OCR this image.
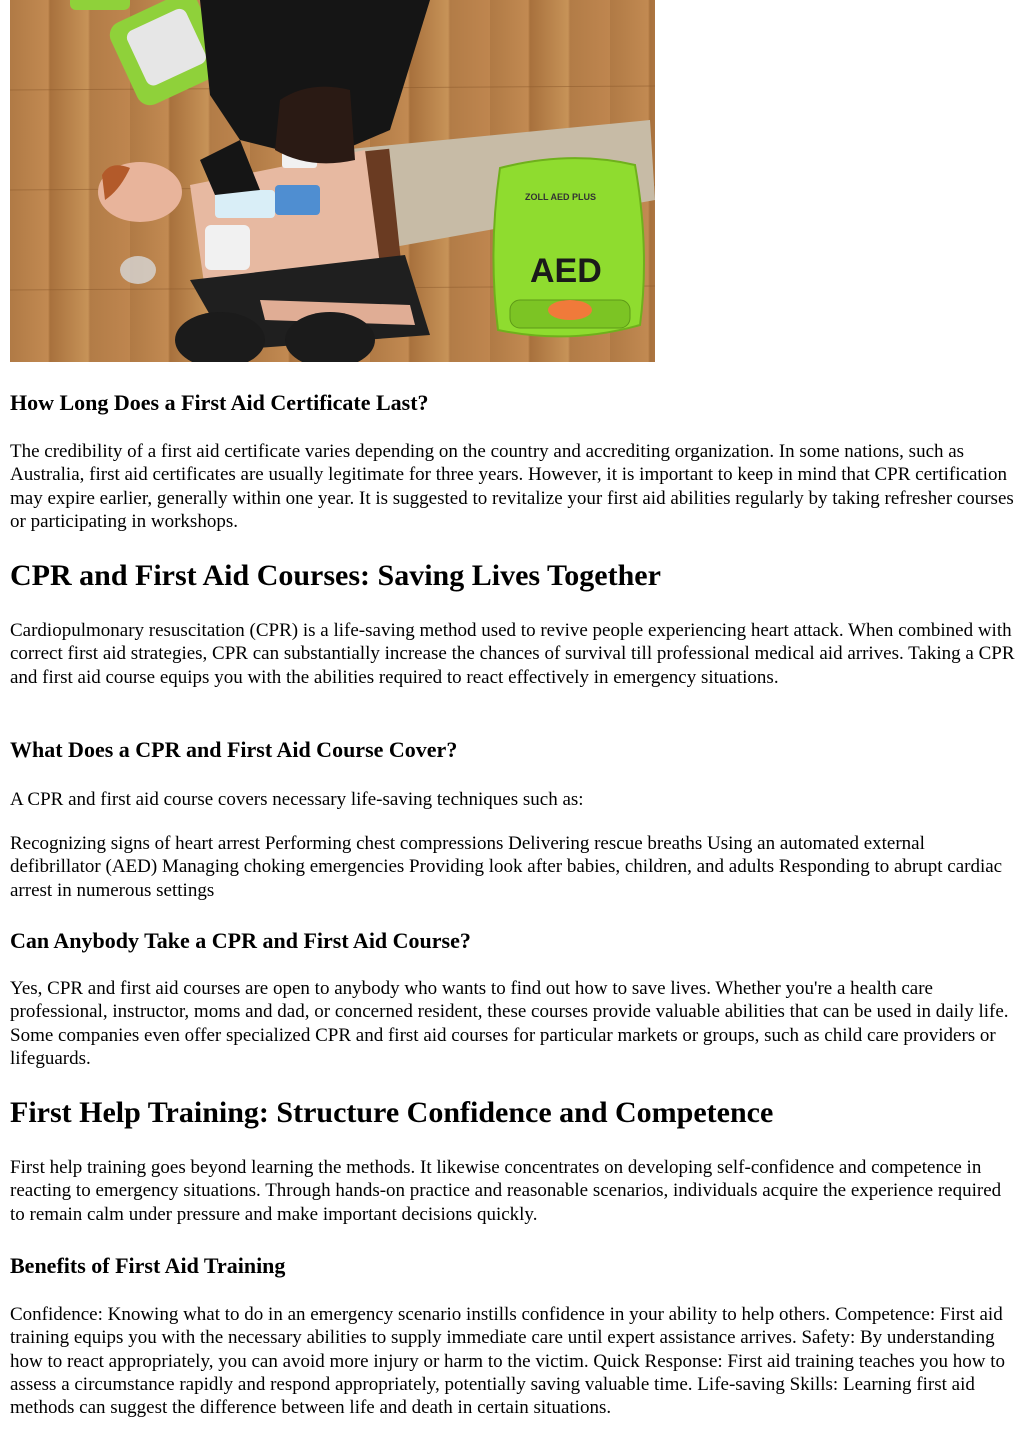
ZOLL AED PLUS
AED
How Long Does a First Aid Certificate Last?

The credibility of a first aid certificate varies depending on the country and accrediting organization. In some nations, such as Australia, first aid certificates are usually legitimate for three years. However, it is important to keep in mind that CPR certification may expire earlier, generally within one year. It is suggested to revitalize your first aid abilities regularly by taking refresher courses or participating in workshops.

CPR and First Aid Courses: Saving Lives Together

Cardiopulmonary resuscitation (CPR) is a life-saving method used to revive people experiencing heart attack. When combined with correct first aid strategies, CPR can substantially increase the chances of survival till professional medical aid arrives. Taking a CPR and first aid course equips you with the abilities required to react effectively in emergency situations.

What Does a CPR and First Aid Course Cover?

A CPR and first aid course covers necessary life-saving techniques such as:

Recognizing signs of heart arrest Performing chest compressions Delivering rescue breaths Using an automated external defibrillator (AED) Managing choking emergencies Providing look after babies, children, and adults Responding to abrupt cardiac arrest in numerous settings

Can Anybody Take a CPR and First Aid Course?

Yes, CPR and first aid courses are open to anybody who wants to find out how to save lives. Whether you're a health care professional, instructor, moms and dad, or concerned resident, these courses provide valuable abilities that can be used in daily life. Some companies even offer specialized CPR and first aid courses for particular markets or groups, such as child care providers or lifeguards.

First Help Training: Structure Confidence and Competence

First help training goes beyond learning the methods. It likewise concentrates on developing self-confidence and competence in reacting to emergency situations. Through hands-on practice and reasonable scenarios, individuals acquire the experience required to remain calm under pressure and make important decisions quickly.

Benefits of First Aid Training

Confidence: Knowing what to do in an emergency scenario instills confidence in your ability to help others. Competence: First aid training equips you with the necessary abilities to supply immediate care until expert assistance arrives. Safety: By understanding how to react appropriately, you can avoid more injury or harm to the victim. Quick Response: First aid training teaches you how to assess a circumstance rapidly and respond appropriately, potentially saving valuable time. Life-saving Skills: Learning first aid methods can suggest the difference between life and death in certain situations.
